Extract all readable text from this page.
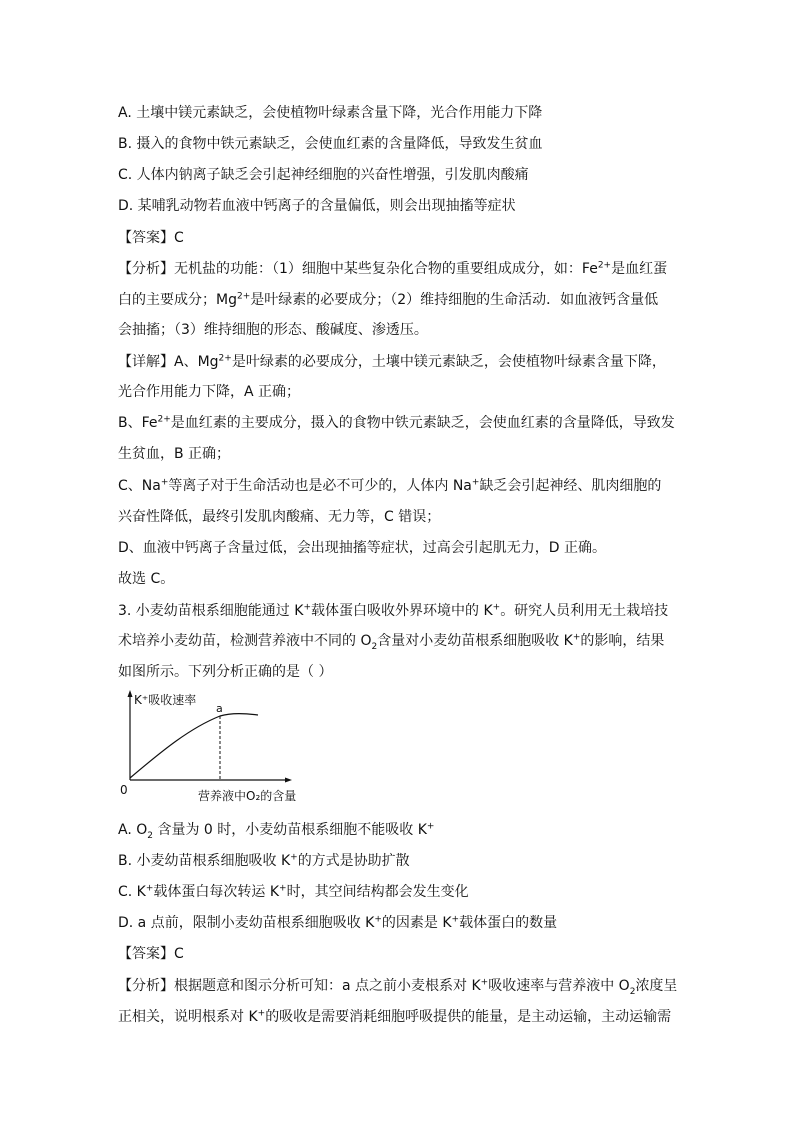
A. 土壤中镁元素缺乏，会使植物叶绿素含量下降，光合作用能力下降
B. 摄入的食物中铁元素缺乏，会使血红素的含量降低，导致发生贫血
C. 人体内钠离子缺乏会引起神经细胞的兴奋性增强，引发肌肉酸痛
D. 某哺乳动物若血液中钙离子的含量偏低，则会出现抽搐等症状
【答案】C
【分析】无机盐的功能：（1）细胞中某些复杂化合物的重要组成成分，如：$Fe^{2+}$是血红蛋
白的主要成分；$Mg^{2+}$是叶绿素的必要成分；（2）维持细胞的生命活动．如血液钙含量低
会抽搐；（3）维持细胞的形态、酸碱度、渗透压。
【详解】A、$Mg^{2+}$是叶绿素的必要成分，土壤中镁元素缺乏，会使植物叶绿素含量下降，
光合作用能力下降，A 正确；
B、$Fe^{2+}$是血红素的主要成分，摄入的食物中铁元素缺乏，会使血红素的含量降低，导致发
生贫血，B 正确；
C、Na+等离子对于生命活动也是必不可少的，人体内 Na+缺乏会引起神经、肌肉细胞的
兴奋性降低，最终引发肌肉酸痛、无力等，C 错误；
D、血液中钙离子含量过低，会出现抽搐等症状，过高会引起肌无力，D 正确。
故选 C。
3. 小麦幼苗根系细胞能通过 K+载体蛋白吸收外界环境中的 K+。研究人员利用无土栽培技
术培养小麦幼苗，检测营养液中不同的 $O_2$含量对小麦幼苗根系细胞吸收 K+的影响，结果
如图所示。下列分析正确的是（ ）
K⁺吸收速率
a
0	营养液中O₂的含量
A. $O_2$ 含量为 0 时，小麦幼苗根系细胞不能吸收 K+
B. 小麦幼苗根系细胞吸收 K+的方式是协助扩散
C. K+载体蛋白每次转运 K+时，其空间结构都会发生变化
D. a 点前，限制小麦幼苗根系细胞吸收 K+的因素是 K+载体蛋白的数量
【答案】C
【分析】根据题意和图示分析可知：a 点之前小麦根系对 K+吸收速率与营养液中 $O_2$浓度呈
正相关，说明根系对 K+的吸收是需要消耗细胞呼吸提供的能量，是主动运输，主动运输需
